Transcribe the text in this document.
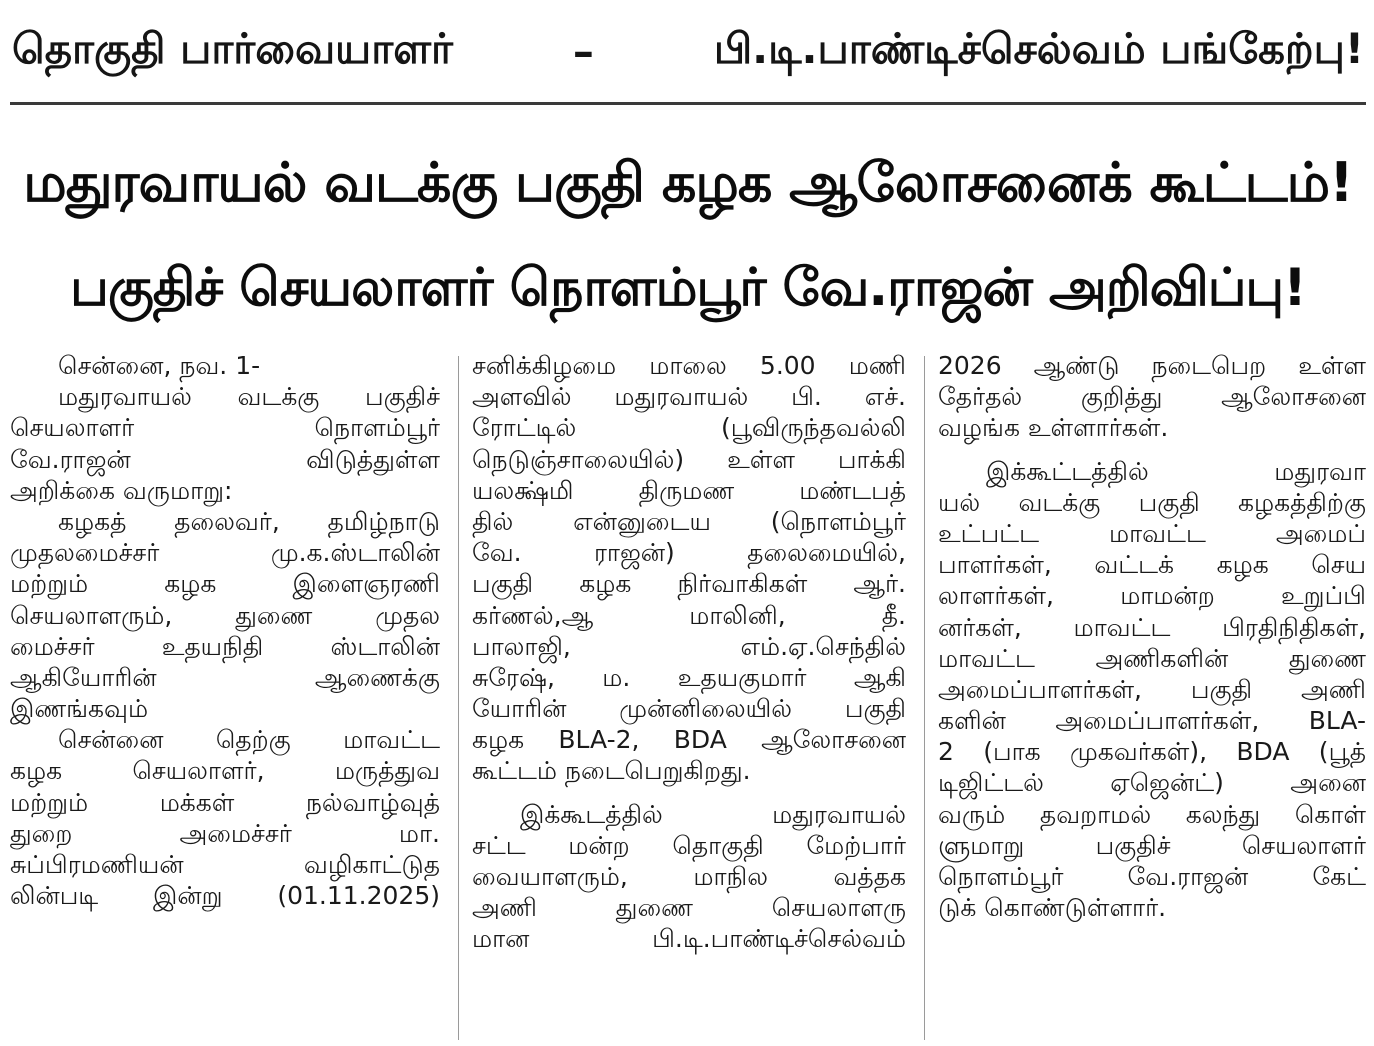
தொகுதி பார்வையாளர்	–	பி.டி.பாண்டிச்செல்வம் பங்கேற்பு!
மதுரவாயல் வடக்கு பகுதி கழக ஆலோசனைக் கூட்டம்!
பகுதிச் செயலாளர் நொளம்பூர் வே.ராஜன் அறிவிப்பு!
சென்னை, நவ. 1-
மதுரவாயல் வடக்கு பகுதிச்
செயலாளர் நொளம்பூர்
வே.ராஜன் விடுத்துள்ள
அறிக்கை வருமாறு:
கழகத் தலைவர், தமிழ்நாடு
முதலமைச்சர் மு.க.ஸ்டாலின்
மற்றும் கழக இளைஞரணி
செயலாளரும், துணை முதல
மைச்சர் உதயநிதி ஸ்டாலின்
ஆகியோரின் ஆணைக்கு
இணங்கவும்
சென்னை தெற்கு மாவட்ட
கழக செயலாளர், மருத்துவ
மற்றும் மக்கள் நல்வாழ்வுத்
துறை அமைச்சர் மா.
சுப்பிரமணியன் வழிகாட்டுத
லின்படி இன்று (01.11.2025)
சனிக்கிழமை மாலை 5.00 மணி
அளவில் மதுரவாயல் பி. எச்.
ரோட்டில் (பூவிருந்தவல்லி
நெடுஞ்சாலையில்) உள்ள பாக்கி
யலக்ஷ்மி திருமண மண்டபத்
தில் என்னுடைய (நொளம்பூர்
வே. ராஜன்) தலைமையில்,
பகுதி கழக நிர்வாகிகள் ஆர்.
கர்ணல்,ஆ மாலினி, தீ.
பாலாஜி, எம்.ஏ.செந்தில்
சுரேஷ், ம. உதயகுமார் ஆகி
யோரின் முன்னிலையில் பகுதி
கழக BLA-2, BDA ஆலோசனை
கூட்டம் நடைபெறுகிறது.
இக்கூடத்தில் மதுரவாயல்
சட்ட மன்ற தொகுதி மேற்பார்
வையாளரும், மாநில வத்தக
அணி துணை செயலாளரு
மான பி.டி.பாண்டிச்செல்வம்
2026 ஆண்டு நடைபெற உள்ள
தேர்தல் குறித்து ஆலோசனை
வழங்க உள்ளார்கள்.
இக்கூட்டத்தில் மதுரவா
யல் வடக்கு பகுதி கழகத்திற்கு
உட்பட்ட மாவட்ட அமைப்
பாளர்கள், வட்டக் கழக செய
லாளர்கள், மாமன்ற உறுப்பி
னர்கள், மாவட்ட பிரதிநிதிகள்,
மாவட்ட அணிகளின் துணை
அமைப்பாளர்கள், பகுதி அணி
களின் அமைப்பாளர்கள், BLA-
2 (பாக முகவர்கள்), BDA (பூத்
டிஜிட்டல் ஏஜென்ட்) அனை
வரும் தவறாமல் கலந்து கொள்
ளுமாறு பகுதிச் செயலாளர்
நொளம்பூர் வே.ராஜன் கேட்
டுக் கொண்டுள்ளார்.
